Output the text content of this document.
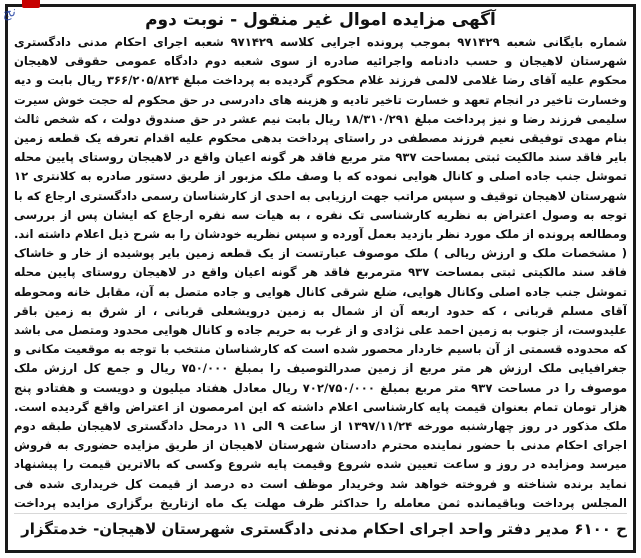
آگهی مزایده اموال غیر منقول - نوبت دوم

شماره بایگانی شعبه ۹۷۱۴۲۹ بموجب پرونده اجرایی کلاسه ۹۷۱۴۲۹ شعبه اجرای احکام مدنی دادگستری شهرستان لاهیجان و حسب دادنامه واجرائیه صادره از سوی شعبه دوم دادگاه عمومی حقوقی لاهیجان محکوم علیه آقای رضا غلامی لالمی فرزند غلام محکوم گردیده به پرداخت مبلغ ۳۶۶/۲۰۵/۸۲۴ ریال بابت و دیه وخسارت تاخیر در انجام تعهد و خسارت تاخیر تادیه و هزینه های دادرسی در حق محکوم له حجت خوش سیرت سلیمی فرزند رضا و نیز پرداخت مبلغ ۱۸/۳۱۰/۲۹۱ ریال بابت نیم عشر در حق صندوق دولت ، که شخص ثالث بنام مهدی توفیقی نعیم فرزند مصطفی در راستای پرداخت بدهی محکوم علیه اقدام تعرفه یک قطعه زمین بایر فاقد سند مالکیت ثبتی بمساحت ۹۳۷ متر مربع فاقد هر گونه اعیان واقع در لاهیجان روستای پایین محله تموشل جنب جاده اصلی و کانال هوایی نموده که با وصف ملک مزبور از طریق دستور صادره به کلانتری ۱۲ شهرستان لاهیجان توقیف و سپس مراتب جهت ارزیابی به احدی از کارشناسان رسمی دادگستری ارجاع که با توجه به وصول اعتراض به نظریه کارشناسی تک نفره ، به هیات سه نفره ارجاع که ایشان پس از بررسی ومطالعه پرونده از ملک مورد نظر بازدید بعمل آورده و سپس نظریه خودشان را به شرح ذیل اعلام داشته اند. ( مشخصات ملک و ارزش ریالی ) ملک موصوف عبارتست از یک قطعه زمین بایر پوشیده از خار و خاشاک فاقد سند مالکیتی ثبتی بمساحت ۹۳۷ مترمربع فاقد هر گونه اعیان واقع در لاهیجان روستای پایین محله تموشل جنب جاده اصلی وکانال هوایی، ضلع شرقی کانال هوایی و جاده متصل به آن، مقابل خانه ومحوطه آقای مسلم قربانی ، که حدود اربعه آن از شمال به زمین درویشعلی قربانی ، از شرق به زمین باقر علیدوست، از جنوب به زمین احمد علی نژادی و از غرب به حریم جاده و کانال هوایی محدود ومتصل می باشد که محدوده قسمتی از آن باسیم خاردار محصور شده است که کارشناسان منتخب با توجه به موقعیت مکانی و جغرافیایی ملک ارزش هر متر مربع از زمین صدرالتوصیف را بمبلغ ۷۵۰/۰۰۰ ریال و جمع کل ارزش ملک موصوف را در مساحت ۹۳۷ متر مربع بمبلغ ۷۰۲/۷۵۰/۰۰۰ ریال معادل هفتاد میلیون و دویست و هفتادو پنج هزار تومان تمام بعنوان قیمت پایه کارشناسی اعلام داشته که این امرمصون از اعتراض واقع گردیده است. ملک مذکور در روز چهارشنبه مورخه ۱۳۹۷/۱۱/۲۴ از ساعت ۹ الی ۱۱ درمحل دادگستری لاهیجان طبقه دوم اجرای احکام مدنی با حضور نماینده محترم دادستان شهرستان لاهیجان از طریق مزایده حضوری به فروش میرسد ومزایده در روز و ساعت تعیین شده شروع وقیمت پایه شروع وکسی که بالاترین قیمت را پیشنهاد نماید برنده شناخته و فروخته خواهد شد وخریدار موظف است ده درصد از قیمت کل خریداری شده فی المجلس پرداخت وباقیمانده ثمن معامله را حداکثر ظرف مهلت یک ماه ازتاریخ برگزاری مزایده پرداخت

ح ۶۱۰۰ مدیر دفتر واحد اجرای احکام مدنی دادگستری شهرستان لاهیجان- خدمتگزار

نج
